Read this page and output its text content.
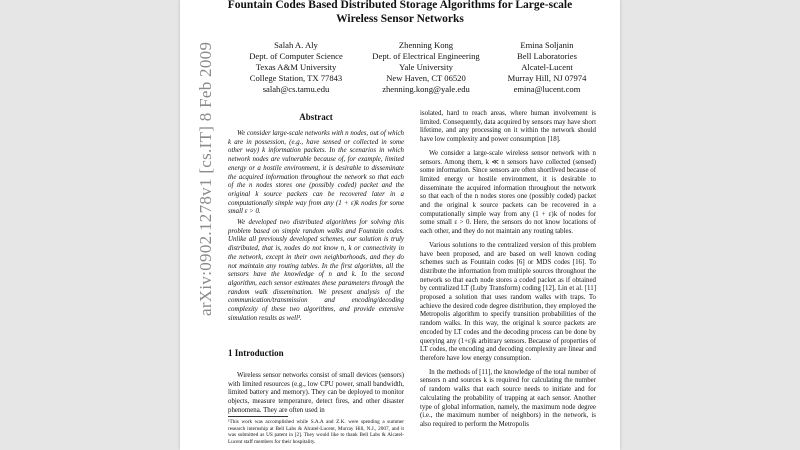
arXiv:0902.1278v1 [cs.IT] 8 Feb 2009
Fountain Codes Based Distributed Storage Algorithms for Large-scale Wireless Sensor Networks
Salah A. Aly
Dept. of Computer Science
Texas A&M University
College Station, TX 77843
salah@cs.tamu.edu
Zhenning Kong
Dept. of Electrical Engineering
Yale University
New Haven, CT 06520
zhenning.kong@yale.edu
Emina Soljanin
Bell Laboratories
Alcatel-Lucent
Murray Hill, NJ 07974
emina@lucent.com
Abstract

We consider large-scale networks with n nodes, out of which k are in possession, (e.g., have sensed or collected in some other way) k information packets. In the scenarios in which network nodes are vulnerable because of, for example, limited energy or a hostile environment, it is desirable to disseminate the acquired information throughout the network so that each of the n nodes stores one (possibly coded) packet and the original k source packets can be recovered later in a computationally simple way from any (1 + ε)k nodes for some small ε > 0.

We developed two distributed algorithms for solving this problem based on simple random walks and Fountain codes. Unlike all previously developed schemes, our solution is truly distributed, that is, nodes do not know n, k or connectivity in the network, except in their own neighborhoods, and they do not maintain any routing tables. In the first algorithm, all the sensors have the knowledge of n and k. In the second algorithm, each sensor estimates these parameters through the random walk dissemination. We present analysis of the communication/transmission and encoding/decoding complexity of these two algorithms, and provide extensive simulation results as well¹.

1 Introduction

Wireless sensor networks consist of small devices (sensors) with limited resources (e.g., low CPU power, small bandwidth, limited battery and memory). They can be deployed to monitor objects, measure temperature, detect fires, and other disaster phenomena. They are often used in

¹This work was accomplished while S.A.A and Z.K. were spending a summer research internship at Bell Labs & Alcatel-Lucent, Murray Hill, N.J., 2007, and it was submitted as US patent in [2]. They would like to thank Bell Labs & Alcatel-Lucent staff members for their hospitality.

isolated, hard to reach areas, where human involvement is limited. Consequently, data acquired by sensors may have short lifetime, and any processing on it within the network should have low complexity and power consumption [18].

We consider a large-scale wireless sensor network with n sensors. Among them, k ≪ n sensors have collected (sensed) some information. Since sensors are often shortlived because of limited energy or hostile environment, it is desirable to disseminate the acquired information throughout the network so that each of the n nodes stores one (possibly coded) packet and the original k source packets can be recovered in a computationally simple way from any (1 + ε)k of nodes for some small ε > 0. Here, the sensors do not know locations of each other, and they do not maintain any routing tables.

Various solutions to the centralized version of this problem have been proposed, and are based on well known coding schemes such as Fountain codes [6] or MDS codes [16]. To distribute the information from multiple sources throughout the network so that each node stores a coded packet as if obtained by centralized LT (Luby Transform) coding [12], Lin et al. [11] proposed a solution that uses random walks with traps. To achieve the desired code degree distribution, they employed the Metropolis algorithm to specify transition probabilities of the random walks. In this way, the original k source packets are encoded by LT codes and the decoding process can be done by querying any (1+ε)k arbitrary sensors. Because of properties of LT codes, the encoding and decoding complexity are linear and therefore have low energy consumption.

In the methods of [11], the knowledge of the total number of sensors n and sources k is required for calculating the number of random walks that each source needs to initiate and for calculating the probability of trapping at each sensor. Another type of global information, namely, the maximum node degree (i.e., the maximum number of neighbors) in the network, is also required to perform the Metropolis
